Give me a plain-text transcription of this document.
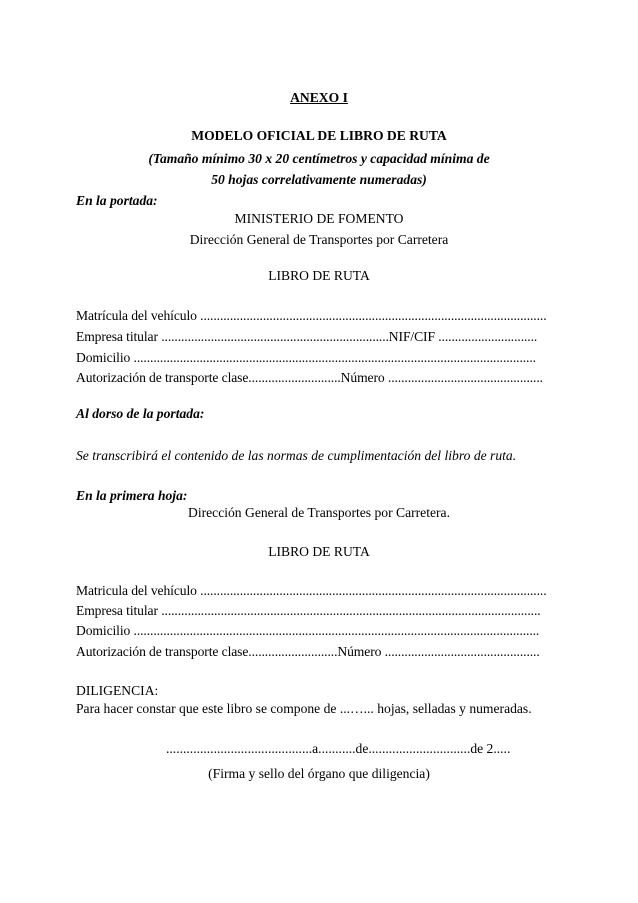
ANEXO I
MODELO OFICIAL DE LIBRO DE RUTA
(Tamaño mínimo 30 x 20 centímetros y capacidad mínima de
50 hojas correlativamente numeradas)
En la portada:
MINISTERIO DE FOMENTO
Dirección General de Transportes por Carretera
LIBRO DE RUTA
Matrícula del vehículo .........................................................................................................
Empresa titular .....................................................................NIF/CIF ..............................
Domicilio ..........................................................................................................................
Autorización de transporte clase............................Número ...............................................
Al dorso de la portada:
Se transcribirá el contenido de las normas de cumplimentación del libro de ruta.
En la primera hoja:
Dirección General de Transportes por Carretera.
LIBRO DE RUTA
Matricula del vehículo .........................................................................................................
Empresa titular ...................................................................................................................
Domicilio ...........................................................................................................................
Autorización de transporte clase...........................Número ...............................................
DILIGENCIA:
Para hacer constar que este libro se compone de ...…... hojas, selladas y numeradas.
...........................................a...........de..............................de 2.....
(Firma y sello del órgano que diligencia)
